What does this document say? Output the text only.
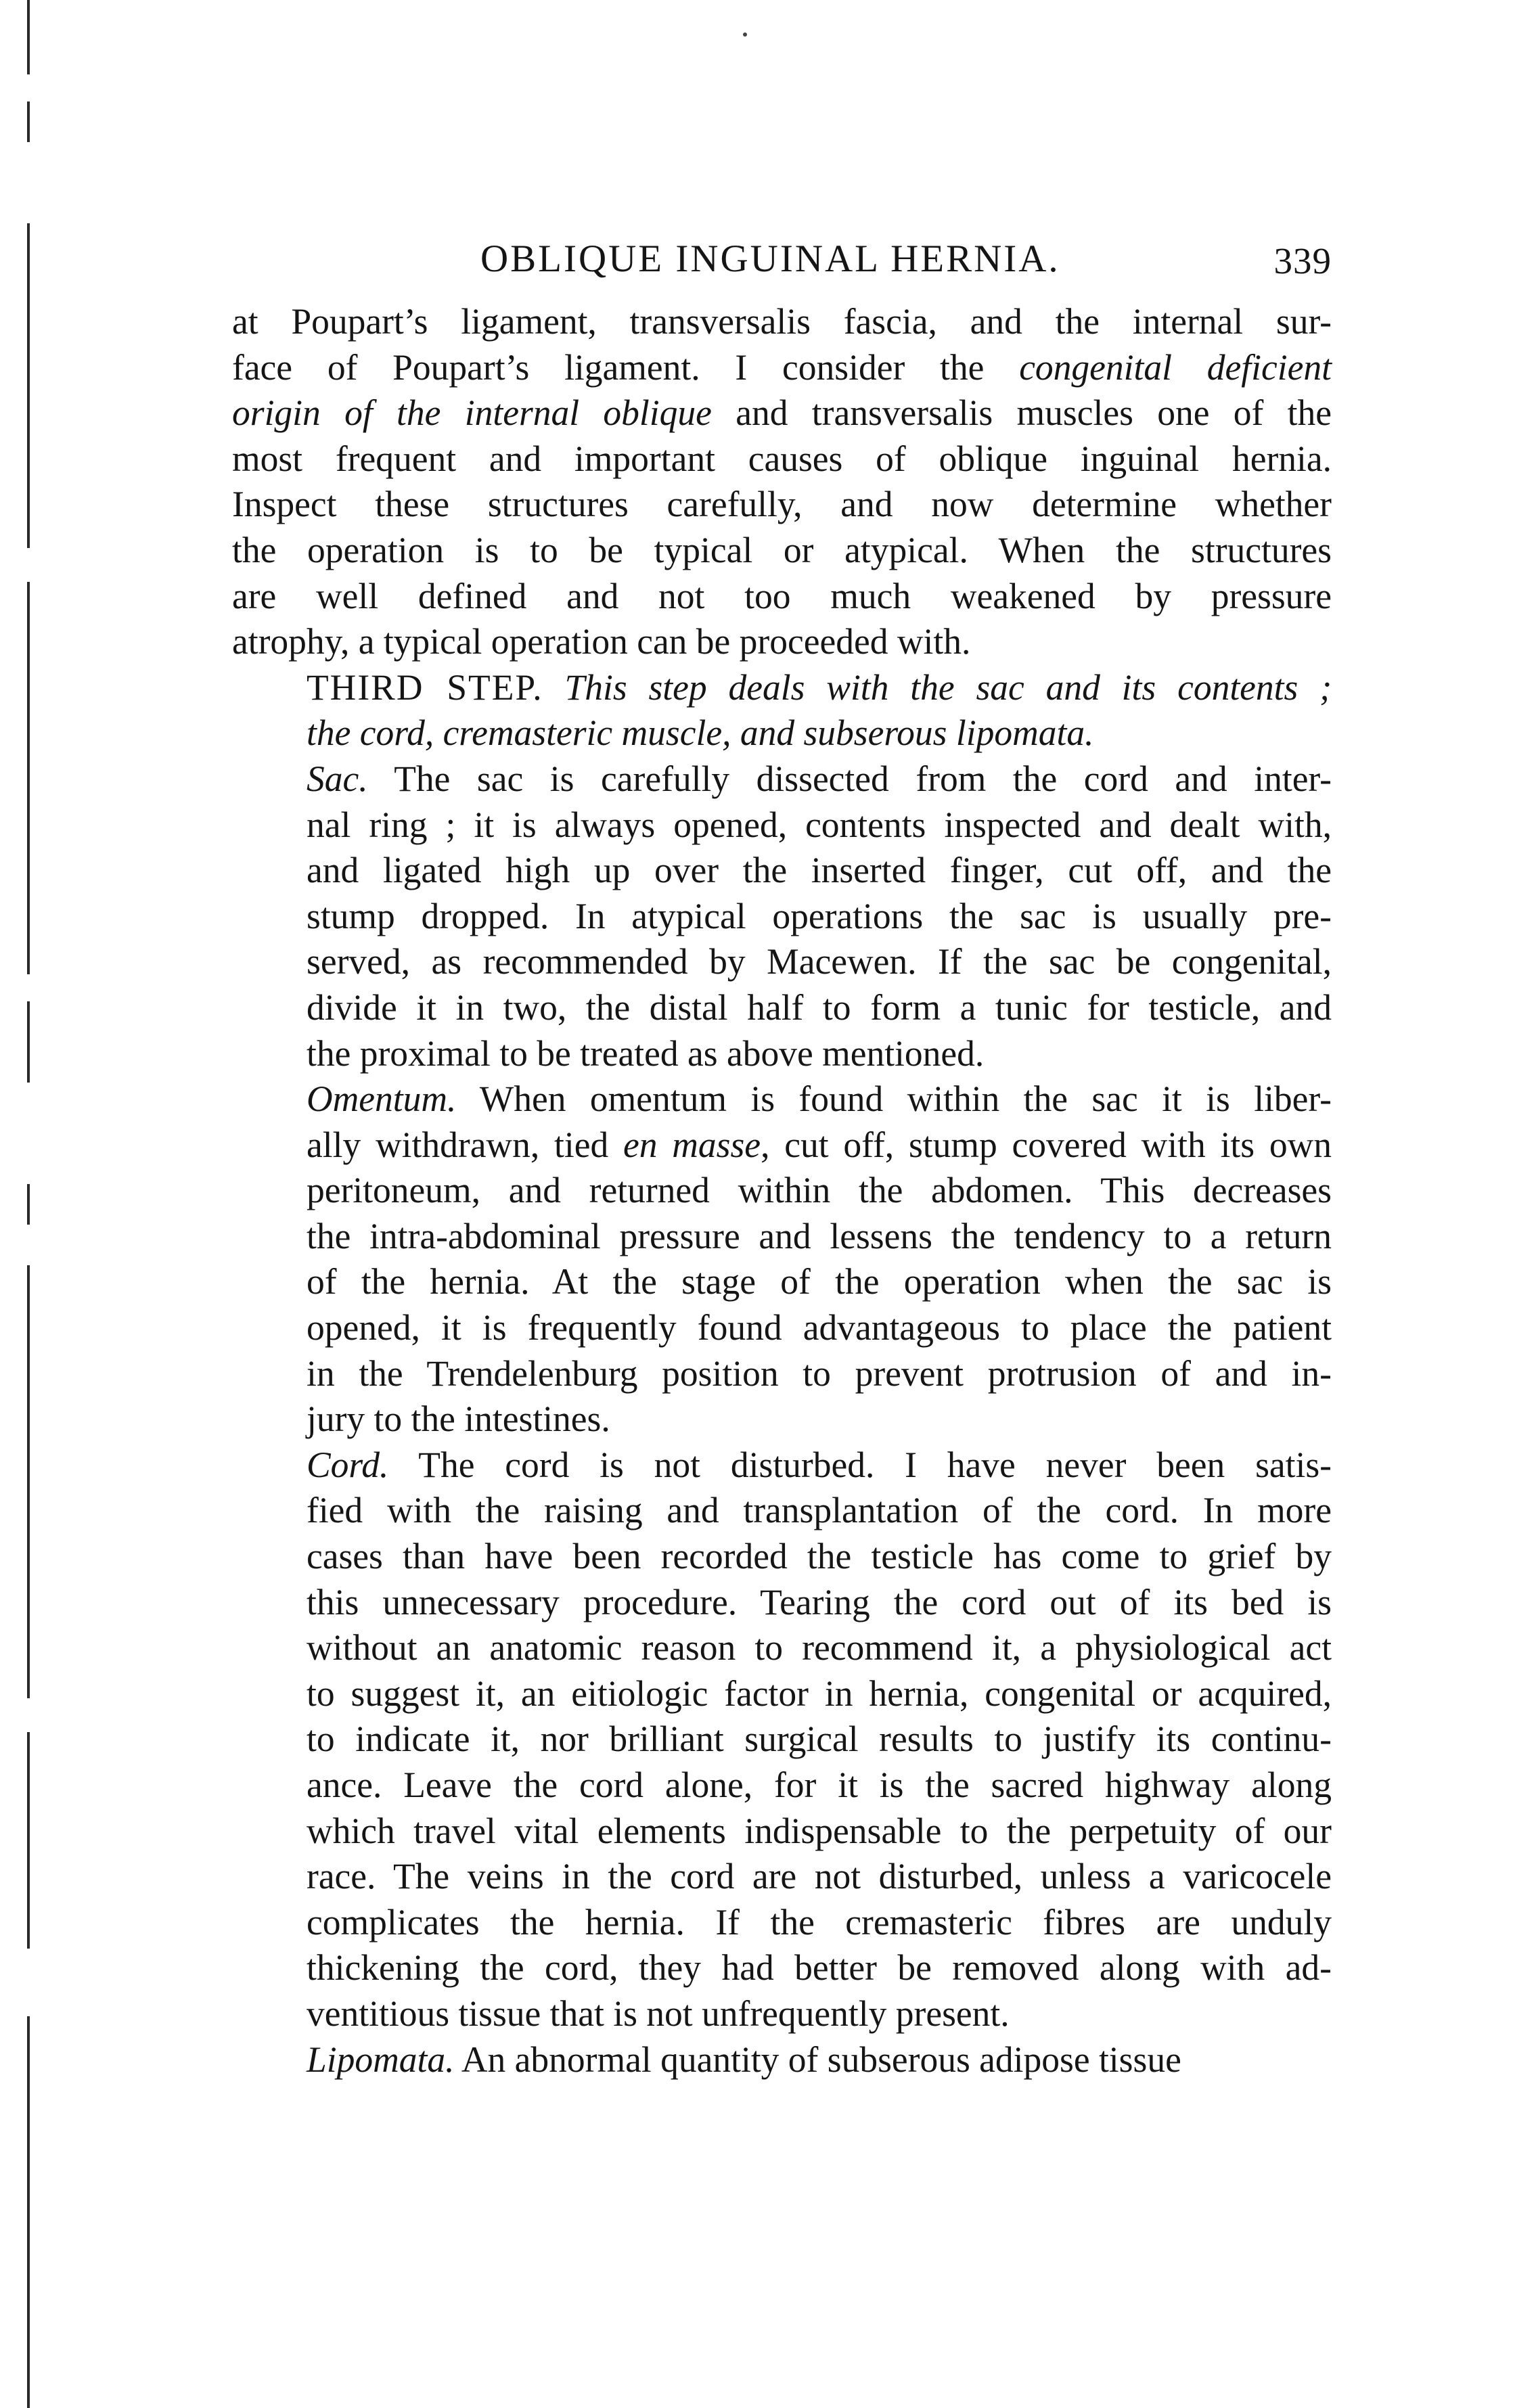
OBLIQUE INGUINAL HERNIA.	339

at Poupart’s ligament, transversalis fascia, and the internal sur-
face of Poupart’s ligament. I consider the congenital deficient
origin of the internal oblique and transversalis muscles one of the
most frequent and important causes of oblique inguinal hernia.
Inspect these structures carefully, and now determine whether
the operation is to be typical or atypical. When the structures
are well defined and not too much weakened by pressure
atrophy, a typical operation can be proceeded with.

THIRD STEP. This step deals with the sac and its contents ;
the cord, cremasteric muscle, and subserous lipomata.

Sac. The sac is carefully dissected from the cord and inter-
nal ring ; it is always opened, contents inspected and dealt with,
and ligated high up over the inserted finger, cut off, and the
stump dropped. In atypical operations the sac is usually pre-
served, as recommended by Macewen. If the sac be congenital,
divide it in two, the distal half to form a tunic for testicle, and
the proximal to be treated as above mentioned.

Omentum. When omentum is found within the sac it is liber-
ally withdrawn, tied en masse, cut off, stump covered with its own
peritoneum, and returned within the abdomen. This decreases
the intra-abdominal pressure and lessens the tendency to a return
of the hernia. At the stage of the operation when the sac is
opened, it is frequently found advantageous to place the patient
in the Trendelenburg position to prevent protrusion of and in-
jury to the intestines.

Cord. The cord is not disturbed. I have never been satis-
fied with the raising and transplantation of the cord. In more
cases than have been recorded the testicle has come to grief by
this unnecessary procedure. Tearing the cord out of its bed is
without an anatomic reason to recommend it, a physiological act
to suggest it, an eitiologic factor in hernia, congenital or acquired,
to indicate it, nor brilliant surgical results to justify its continu-
ance. Leave the cord alone, for it is the sacred highway along
which travel vital elements indispensable to the perpetuity of our
race. The veins in the cord are not disturbed, unless a varicocele
complicates the hernia. If the cremasteric fibres are unduly
thickening the cord, they had better be removed along with ad-
ventitious tissue that is not unfrequently present.

Lipomata. An abnormal quantity of subserous adipose tissue
